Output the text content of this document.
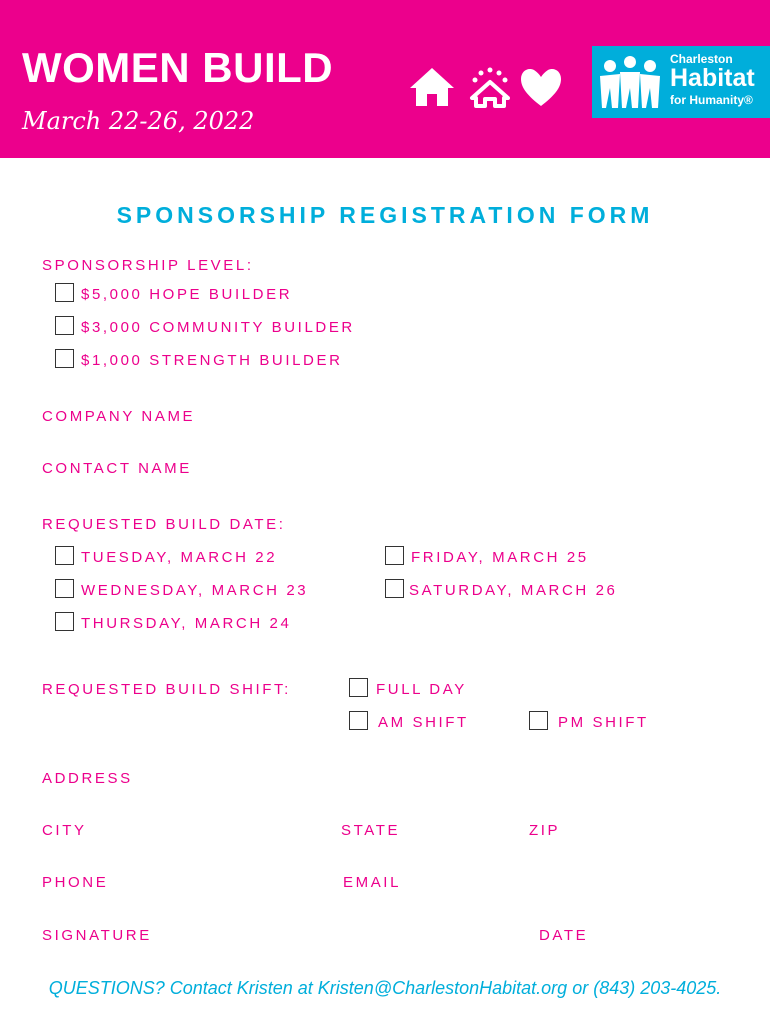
WOMEN BUILD
March 22-26, 2022
Charleston
Habitat
for Humanity®
SPONSORSHIP REGISTRATION FORM
SPONSORSHIP LEVEL:
$5,000 HOPE BUILDER
$3,000 COMMUNITY BUILDER
$1,000 STRENGTH BUILDER
COMPANY NAME
CONTACT NAME
REQUESTED BUILD DATE:
TUESDAY, MARCH 22
WEDNESDAY, MARCH 23
THURSDAY, MARCH 24
FRIDAY, MARCH 25
SATURDAY, MARCH 26
REQUESTED BUILD SHIFT:	FULL DAY
AM SHIFT	PM SHIFT
ADDRESS
CITY	STATE	ZIP
PHONE	EMAIL
SIGNATURE	DATE
QUESTIONS? Contact Kristen at Kristen@CharlestonHabitat.org or (843) 203-4025.
